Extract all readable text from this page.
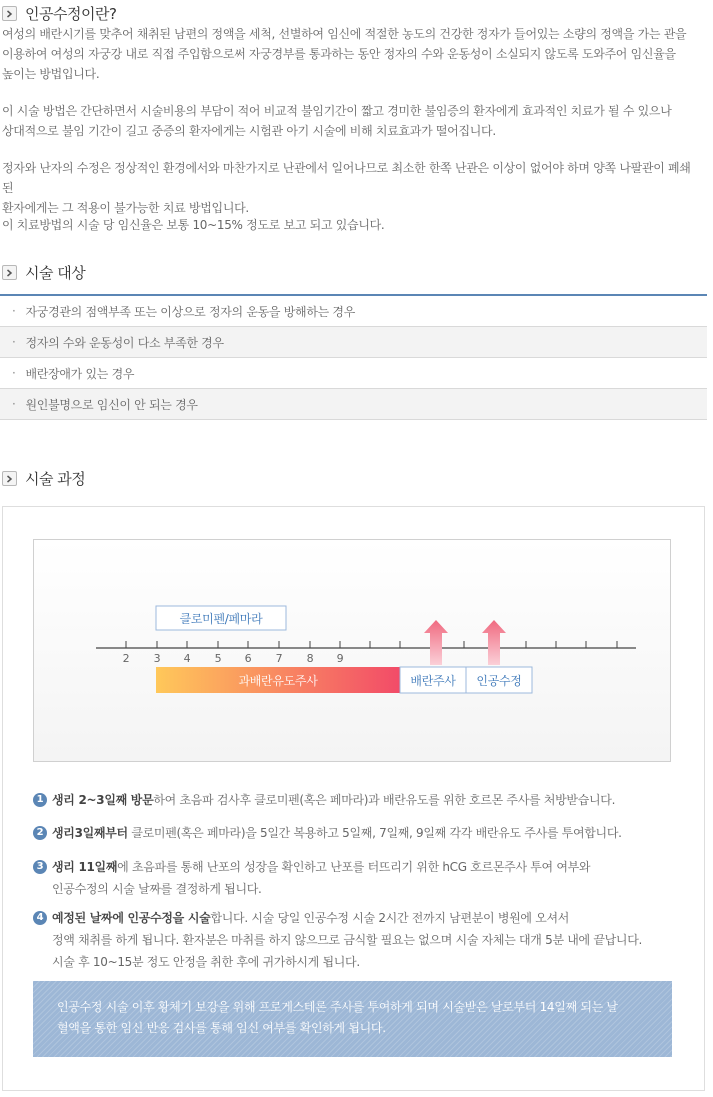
인공수정이란?

여성의 배란시기를 맞추어 채취된 남편의 정액을 세척, 선별하여 임신에 적절한 농도의 건강한 정자가 들어있는 소량의 정액을 가는 관을

이용하여 여성의 자궁강 내로 직접 주입함으로써 자궁경부를 통과하는 동안 정자의 수와 운동성이 소실되지 않도록 도와주어 임신율을

높이는 방법입니다.

이 시술 방법은 간단하면서 시술비용의 부담이 적어 비교적 불임기간이 짧고 경미한 불임증의 환자에게 효과적인 치료가 될 수 있으나

상대적으로 불임 기간이 길고 중증의 환자에게는 시험관 아기 시술에 비해 치료효과가 떨어집니다.

정자와 난자의 수정은 정상적인 환경에서와 마찬가지로 난관에서 일어나므로 최소한 한쪽 난관은 이상이 없어야 하며 양쪽 나팔관이 폐쇄된

환자에게는 그 적용이 불가능한 치료 방법입니다.

이 치료방법의 시술 당 임신율은 보통 10~15% 정도로 보고 되고 있습니다.

시술 대상
· 자궁경관의 점액부족 또는 이상으로 정자의 운동을 방해하는 경우
· 정자의 수와 운동성이 다소 부족한 경우
· 배란장애가 있는 경우
· 원인불명으로 임신이 안 되는 경우
시술 과정
클로미펜/페마라
2 3 4 5 6 7 8 9
과배란유도주사	배란주사 인공수정
1 생리 2~3일째 방문하여 초음파 검사후 클로미펜(혹은 페마라)과 배란유도를 위한 호르몬 주사를 처방받습니다.
2 생리3일째부터 클로미펜(혹은 페마라)을 5일간 복용하고 5일째, 7일째, 9일째 각각 배란유도 주사를 투여합니다.
3 생리 11일째에 초음파를 통해 난포의 성장을 확인하고 난포를 터뜨리기 위한 hCG 호르몬주사 투여 여부와
인공수정의 시술 날짜를 결정하게 됩니다.
4 예정된 날짜에 인공수정을 시술합니다. 시술 당일 인공수정 시술 2시간 전까지 남편분이 병원에 오셔서
정액 채취를 하게 됩니다. 환자분은 마취를 하지 않으므로 금식할 필요는 없으며 시술 자체는 대개 5분 내에 끝납니다.
시술 후 10~15분 정도 안정을 취한 후에 귀가하시게 됩니다.
인공수정 시술 이후 황체기 보강을 위해 프로게스테론 주사를 투여하게 되며 시술받은 날로부터 14일째 되는 날
혈액을 통한 임신 반응 검사를 통해 임신 여부를 확인하게 됩니다.
